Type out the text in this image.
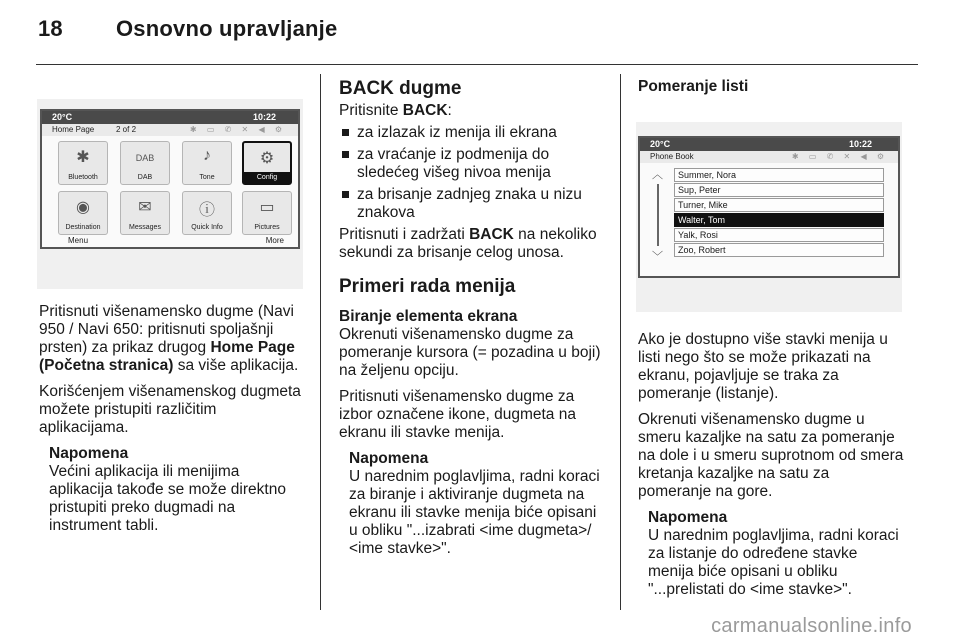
18 Osnovno upravljanje
20°C	10:22
Home Page	2 of 2	✱ ▭ ✆ ✕ ◀ ⚙
✱
Bluetooth
DAB
DAB
♪
Tone
⚙
Config
◉
Destination
✉
Messages
ⓘ
Quick Info
▭
Pictures
Menu	More

Pritisnuti višenamensko dugme (Navi 950 / Navi 650: pritisnuti spoljašnji prsten) za prikaz drugog Home Page (Početna stranica) sa više aplikacija.

Korišćenjem višenamenskog dugmeta možete pristupiti različitim aplikacijama.

Napomena
Većini aplikacija ili menijima aplikacija takođe se može direktno pristupiti preko dugmadi na instrument tabli.
BACK dugme

Pritisnite BACK:

za izlazak iz menija ili ekrana
za vraćanje iz podmenija do sledećeg višeg nivoa menija
za brisanje zadnjeg znaka u nizu znakova

Pritisnuti i zadržati BACK na nekoliko sekundi za brisanje celog unosa.

Primeri rada menija
Biranje elementa ekrana

Okrenuti višenamensko dugme za pomeranje kursora (= pozadina u boji) na željenu opciju.

Pritisnuti višenamensko dugme za izbor označene ikone, dugmeta na ekranu ili stavke menija.

Napomena
U narednim poglavljima, radni koraci za biranje i aktiviranje dugmeta na ekranu ili stavke menija biće opisani u obliku "...izabrati <ime dugmeta>/ <ime stavke>".
Pomeranje listi
20°C	10:22
Phone Book	✱ ▭ ✆ ✕ ◀ ⚙
︿
﹀
Summer, Nora
Sup, Peter
Turner, Mike
Walter, Tom
Yalk, Rosi
Zoo, Robert

Ako je dostupno više stavki menija u listi nego što se može prikazati na ekranu, pojavljuje se traka za pomeranje (listanje).

Okrenuti višenamensko dugme u smeru kazaljke na satu za pomeranje na dole i u smeru suprotnom od smera kretanja kazaljke na satu za pomeranje na gore.

Napomena
U narednim poglavljima, radni koraci za listanje do određene stavke menija biće opisani u obliku "...prelistati do <ime stavke>".
carmanualsonline.info
